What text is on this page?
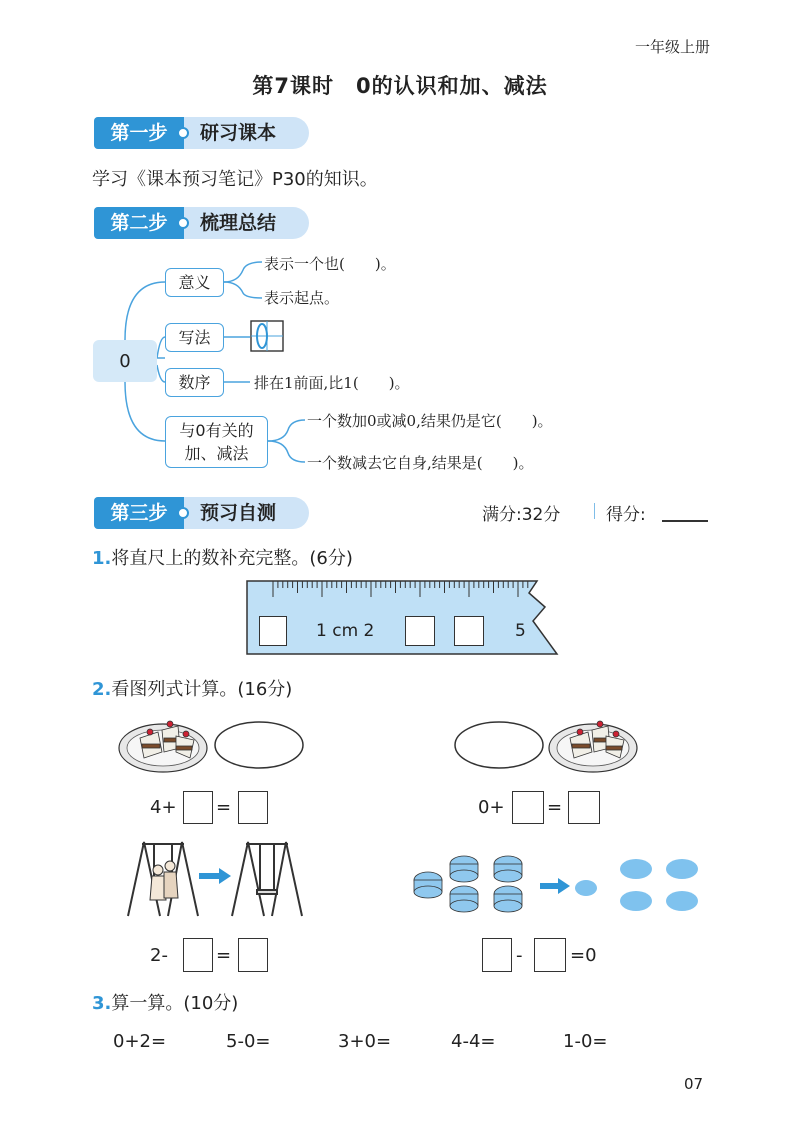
一年级上册
第7课时　0的认识和加、减法
第一步	研习课本
学习《课本预习笔记》P30的知识。
第二步	梳理总结
0
意义
写法
数序
与0有关的
加、减法
表示一个也(　　)。
表示起点。
排在1前面,比1(　　)。
一个数加0或减0,结果仍是它(　　)。
一个数减去它自身,结果是(　　)。
第三步	预习自测	满分:32分	得分:
1.将直尺上的数补充完整。(6分)
1 cm 2	5
2.看图列式计算。(16分)
4+ =	0+ =
2-	=	-	=0
3.算一算。(10分)
0+2=	5-0=	3+0=	4-4=	1-0=
07
